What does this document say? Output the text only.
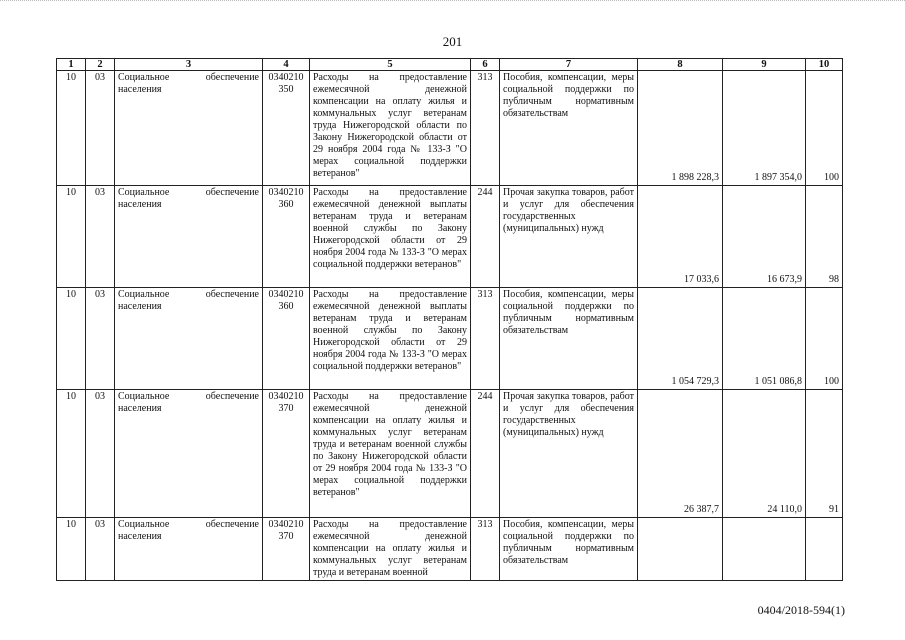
201
1	2	3	4	5	6	7	8	9	10
10	03	Социальное обеспечение населения	0340210 350	Расходы на предоставление ежемесячной денежной компенсации на оплату жилья и коммунальных услуг ветеранам труда Нижегородской области по Закону Нижегородской области от 29 ноября 2004 года № 133-З "О мерах социальной поддержки ветеранов"	313	Пособия, компенсации, меры социальной поддержки по публичным нормативным обязательствам	1 898 228,3	1 897 354,0	100
10	03	Социальное обеспечение населения	0340210 360	Расходы на предоставление ежемесячной денежной выплаты ветеранам труда и ветеранам военной службы по Закону Нижегородской области от 29 ноября 2004 года № 133-З "О мерах социальной поддержки ветеранов"	244	Прочая закупка товаров, работ и услуг для обеспечения государственных (муниципальных) нужд	17 033,6	16 673,9	98
10	03	Социальное обеспечение населения	0340210 360	Расходы на предоставление ежемесячной денежной выплаты ветеранам труда и ветеранам военной службы по Закону Нижегородской области от 29 ноября 2004 года № 133-З "О мерах социальной поддержки ветеранов"	313	Пособия, компенсации, меры социальной поддержки по публичным нормативным обязательствам	1 054 729,3	1 051 086,8	100
10	03	Социальное обеспечение населения	0340210 370	Расходы на предоставление ежемесячной денежной компенсации на оплату жилья и коммунальных услуг ветеранам труда и ветеранам военной службы по Закону Нижегородской области от 29 ноября 2004 года № 133-З "О мерах социальной поддержки ветеранов"	244	Прочая закупка товаров, работ и услуг для обеспечения государственных (муниципальных) нужд	26 387,7	24 110,0	91
10	03	Социальное обеспечение населения	0340210 370	Расходы на предоставление ежемесячной денежной компенсации на оплату жилья и коммунальных услуг ветеранам труда и ветеранам военной	313	Пособия, компенсации, меры социальной поддержки по публичным нормативным обязательствам			
0404/2018-594(1)
